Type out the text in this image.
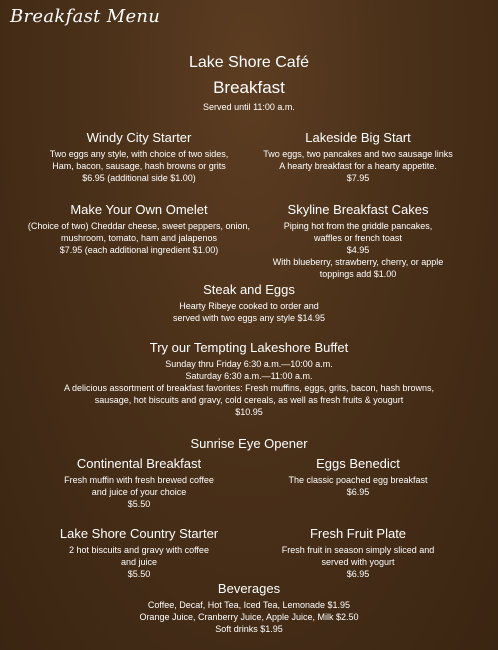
Breakfast Menu
Lake Shore Café
Breakfast
Served until 11:00 a.m.
Windy City Starter
Two eggs any style, with choice of two sides,
Ham, bacon, sausage, hash browns or grits
$6.95 (additional side $1.00)
Lakeside Big Start
Two eggs, two pancakes and two sausage links
A hearty breakfast for a hearty appetite.
$7.95
Make Your Own Omelet
(Choice of two) Cheddar cheese, sweet peppers, onion,
mushroom, tomato, ham and jalapenos
$7.95 (each additional ingredient $1.00)
Skyline Breakfast Cakes
Piping hot from the griddle pancakes,
waffles or french toast
$4.95
With blueberry, strawberry, cherry, or apple
toppings add $1.00
Steak and Eggs
Hearty Ribeye cooked to order and
served with two eggs any style $14.95
Try our Tempting Lakeshore Buffet
Sunday thru Friday 6:30 a.m.—10:00 a.m.
Saturday 6:30 a.m.—11:00 a.m.
A delicious assortment of breakfast favorites: Fresh muffins, eggs, grits, bacon, hash browns,
sausage, hot biscuits and gravy, cold cereals, as well as fresh fruits & yougurt
$10.95
Sunrise Eye Opener
Continental Breakfast
Fresh muffin with fresh brewed coffee
and juice of your choice
$5.50
Eggs Benedict
The classic poached egg breakfast
$6.95
Lake Shore Country Starter
2 hot biscuits and gravy with coffee
and juice
$5.50
Fresh Fruit Plate
Fresh fruit in season simply sliced and
served with yogurt
$6.95
Beverages
Coffee, Decaf, Hot Tea, Iced Tea, Lemonade $1.95
Orange Juice, Cranberry Juice, Apple Juice, Milk $2.50
Soft drinks $1.95
